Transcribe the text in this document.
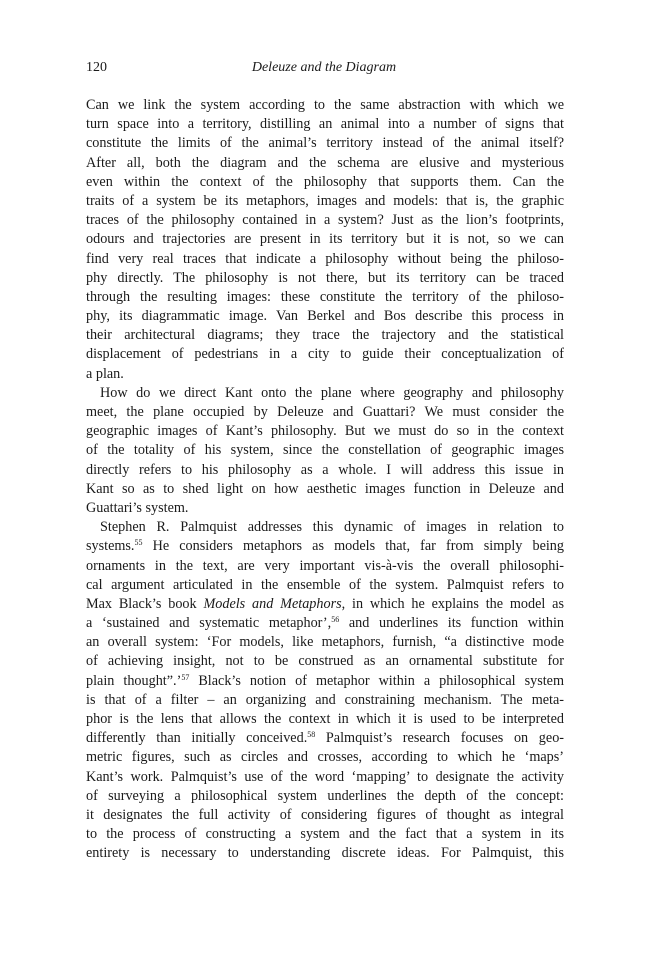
120	Deleuze and the Diagram
Can we link the system according to the same abstraction with which we
turn space into a territory, distilling an animal into a number of signs that
constitute the limits of the animal’s territory instead of the animal itself?
After all, both the diagram and the schema are elusive and mysterious
even within the context of the philosophy that supports them. Can the
traits of a system be its metaphors, images and models: that is, the graphic
traces of the philosophy contained in a system? Just as the lion’s footprints,
odours and trajectories are present in its territory but it is not, so we can
find very real traces that indicate a philosophy without being the philoso-
phy directly. The philosophy is not there, but its territory can be traced
through the resulting images: these constitute the territory of the philoso-
phy, its diagrammatic image. Van Berkel and Bos describe this process in
their architectural diagrams; they trace the trajectory and the statistical
displacement of pedestrians in a city to guide their conceptualization of
a plan.
How do we direct Kant onto the plane where geography and philosophy
meet, the plane occupied by Deleuze and Guattari? We must consider the
geographic images of Kant’s philosophy. But we must do so in the context
of the totality of his system, since the constellation of geographic images
directly refers to his philosophy as a whole. I will address this issue in
Kant so as to shed light on how aesthetic images function in Deleuze and
Guattari’s system.
Stephen R. Palmquist addresses this dynamic of images in relation to
systems.$^{55}$ He considers metaphors as models that, far from simply being
ornaments in the text, are very important vis-à-vis the overall philosophi-
cal argument articulated in the ensemble of the system. Palmquist refers to
Max Black’s book Models and Metaphors, in which he explains the model as
a ‘sustained and systematic metaphor’,$^{56}$ and underlines its function within
an overall system: ‘For models, like metaphors, furnish, “a distinctive mode
of achieving insight, not to be construed as an ornamental substitute for
plain thought”.’$^{57}$ Black’s notion of metaphor within a philosophical system
is that of a filter – an organizing and constraining mechanism. The meta-
phor is the lens that allows the context in which it is used to be interpreted
differently than initially conceived.$^{58}$ Palmquist’s research focuses on geo-
metric figures, such as circles and crosses, according to which he ‘maps’
Kant’s work. Palmquist’s use of the word ‘mapping’ to designate the activity
of surveying a philosophical system underlines the depth of the concept:
it designates the full activity of considering figures of thought as integral
to the process of constructing a system and the fact that a system in its
entirety is necessary to understanding discrete ideas. For Palmquist, this
